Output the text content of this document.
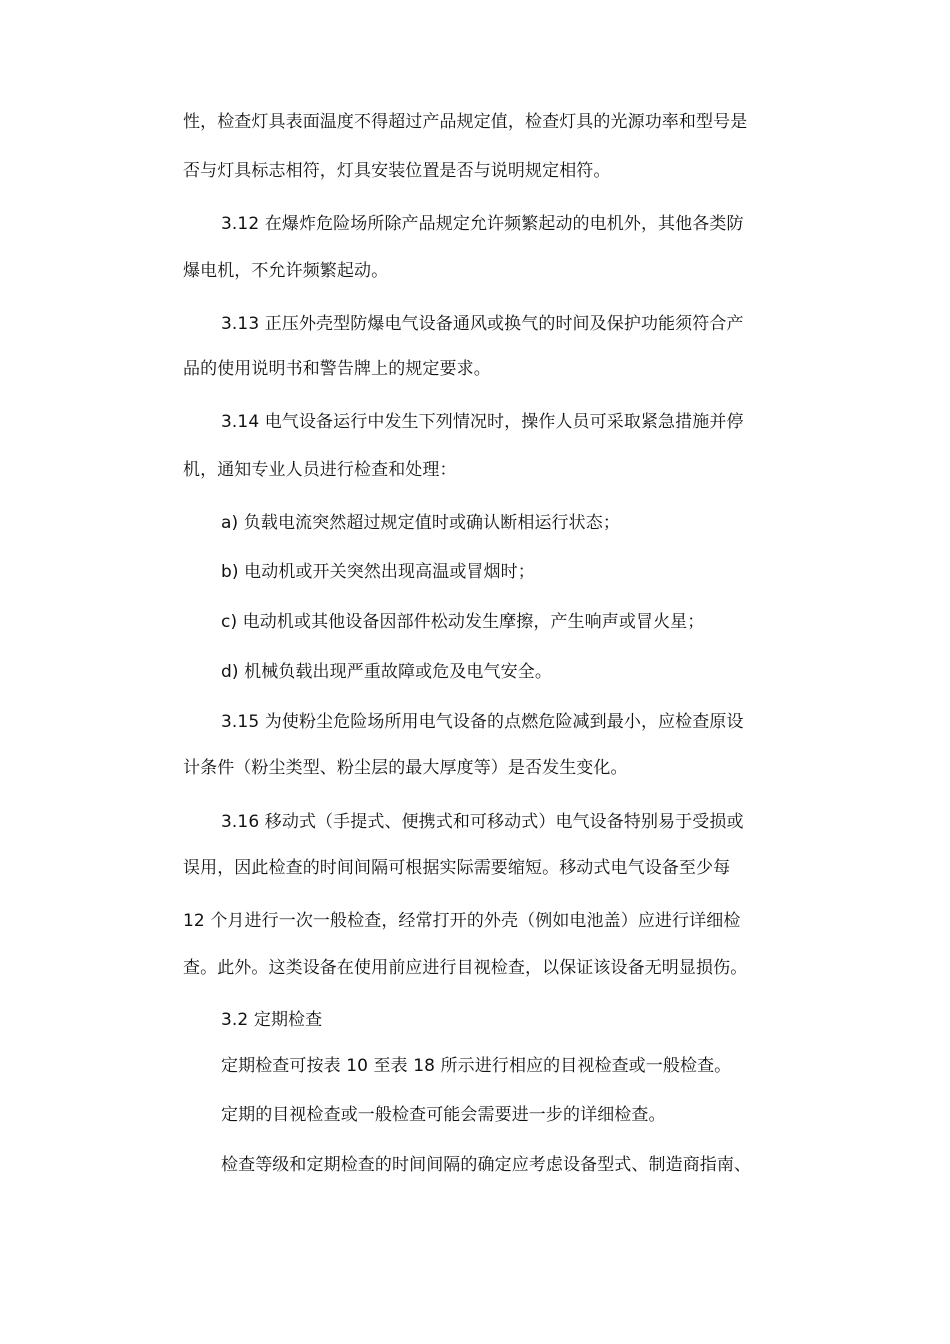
性，检查灯具表面温度不得超过产品规定值，检查灯具的光源功率和型号是
否与灯具标志相符，灯具安装位置是否与说明规定相符。
3.12 在爆炸危险场所除产品规定允许频繁起动的电机外，其他各类防
爆电机，不允许频繁起动。
3.13 正压外壳型防爆电气设备通风或换气的时间及保护功能须符合产
品的使用说明书和警告牌上的规定要求。
3.14 电气设备运行中发生下列情况时，操作人员可采取紧急措施并停
机，通知专业人员进行检查和处理：
a) 负载电流突然超过规定值时或确认断相运行状态；
b) 电动机或开关突然出现高温或冒烟时；
c) 电动机或其他设备因部件松动发生摩擦，产生响声或冒火星；
d) 机械负载出现严重故障或危及电气安全。
3.15 为使粉尘危险场所用电气设备的点燃危险减到最小，应检查原设
计条件（粉尘类型、粉尘层的最大厚度等）是否发生变化。
3.16 移动式（手提式、便携式和可移动式）电气设备特别易于受损或
误用，因此检查的时间间隔可根据实际需要缩短。移动式电气设备至少每
12 个月进行一次一般检查，经常打开的外壳（例如电池盖）应进行详细检
查。此外。这类设备在使用前应进行目视检查，以保证该设备无明显损伤。
3.2 定期检查
定期检查可按表 10 至表 18 所示进行相应的目视检查或一般检查。
定期的目视检查或一般检查可能会需要进一步的详细检查。
检查等级和定期检查的时间间隔的确定应考虑设备型式、制造商指南、
